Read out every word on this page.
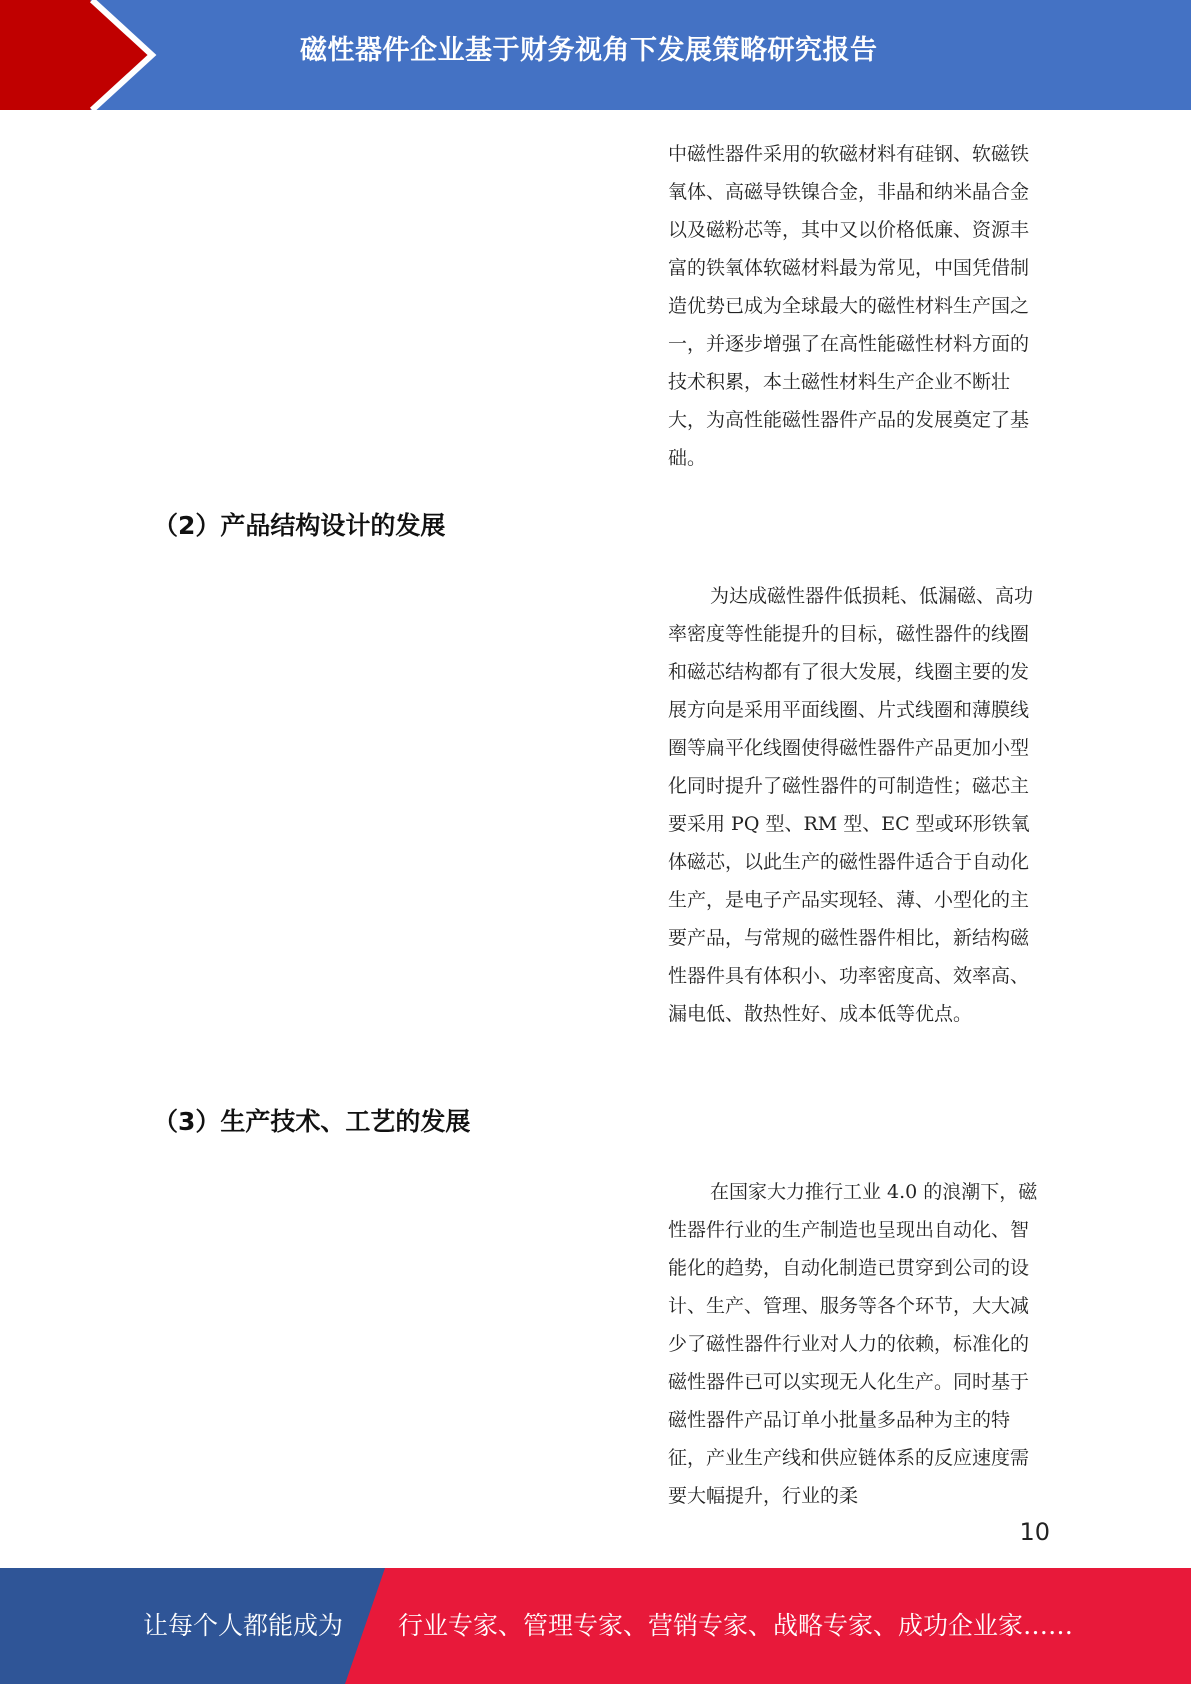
磁性器件企业基于财务视角下发展策略研究报告

中磁性器件采用的软磁材料有硅钢、软磁铁氧体、高磁导铁镍合金，非晶和纳米晶合金以及磁粉芯等，其中又以价格低廉、资源丰富的铁氧体软磁材料最为常见，中国凭借制造优势已成为全球最大的磁性材料生产国之一，并逐步增强了在高性能磁性材料方面的技术积累，本土磁性材料生产企业不断壮大，为高性能磁性器件产品的发展奠定了基础。

（2）产品结构设计的发展

为达成磁性器件低损耗、低漏磁、高功率密度等性能提升的目标，磁性器件的线圈和磁芯结构都有了很大发展，线圈主要的发展方向是采用平面线圈、片式线圈和薄膜线圈等扁平化线圈使得磁性器件产品更加小型化同时提升了磁性器件的可制造性；磁芯主要采用 PQ 型、RM 型、EC 型或环形铁氧体磁芯，以此生产的磁性器件适合于自动化生产，是电子产品实现轻、薄、小型化的主要产品，与常规的磁性器件相比，新结构磁性器件具有体积小、功率密度高、效率高、漏电低、散热性好、成本低等优点。

（3）生产技术、工艺的发展

在国家大力推行工业 4.0 的浪潮下，磁性器件行业的生产制造也呈现出自动化、智能化的趋势，自动化制造已贯穿到公司的设计、生产、管理、服务等各个环节，大大减少了磁性器件行业对人力的依赖，标准化的磁性器件已可以实现无人化生产。同时基于磁性器件产品订单小批量多品种为主的特征，产业生产线和供应链体系的反应速度需要大幅提升，行业的柔

10
让每个人都能成为 行业专家、管理专家、营销专家、战略专家、成功企业家……
